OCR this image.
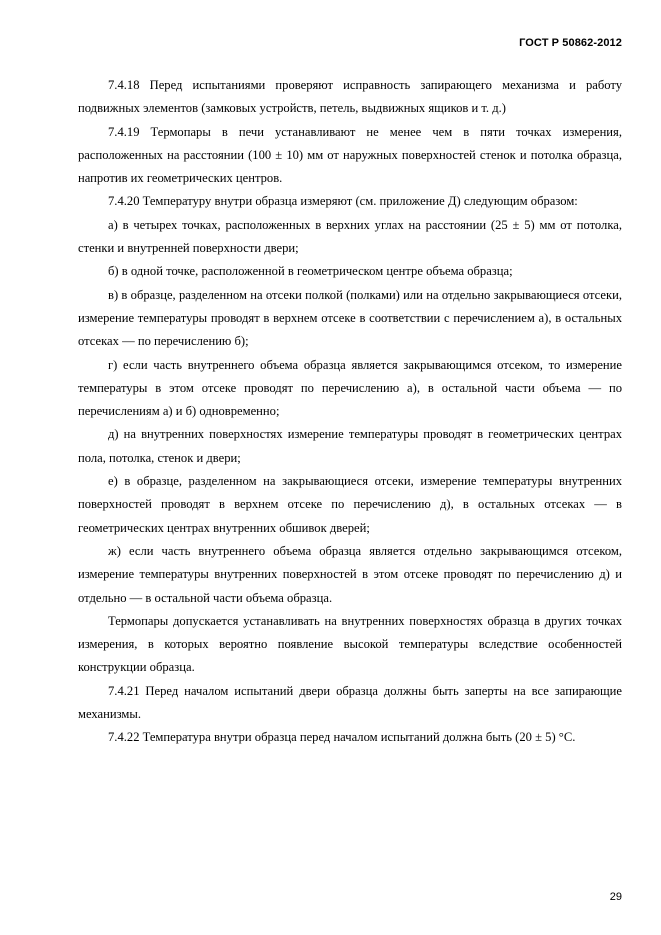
ГОСТ Р 50862-2012

7.4.18 Перед испытаниями проверяют исправность запирающего механизма и работу подвижных элементов (замковых устройств, петель, выдвижных ящиков и т. д.)

7.4.19 Термопары в печи устанавливают не менее чем в пяти точках измерения, расположенных на расстоянии (100 ± 10) мм от наружных поверхностей стенок и потолка образца, напротив их геометрических центров.

7.4.20 Температуру внутри образца измеряют (см. приложение Д) следующим образом:

а) в четырех точках, расположенных в верхних углах на расстоянии (25 ± 5) мм от потолка, стенки и внутренней поверхности двери;

б) в одной точке, расположенной в геометрическом центре объема образца;

в) в образце, разделенном на отсеки полкой (полками) или на отдельно закрывающиеся отсеки, измерение температуры проводят в верхнем отсеке в соответствии с перечислением а), в остальных отсеках — по перечислению б);

г) если часть внутреннего объема образца является закрывающимся отсеком, то измерение температуры в этом отсеке проводят по перечислению а), в остальной части объема — по перечислениям а) и б) одновременно;

д) на внутренних поверхностях измерение температуры проводят в геометрических центрах пола, потолка, стенок и двери;

е) в образце, разделенном на закрывающиеся отсеки, измерение температуры внутренних поверхностей проводят в верхнем отсеке по перечислению д), в остальных отсеках — в геометрических центрах внутренних обшивок дверей;

ж) если часть внутреннего объема образца является отдельно закрывающимся отсеком, измерение температуры внутренних поверхностей в этом отсеке проводят по перечислению д) и отдельно — в остальной части объема образца.

Термопары допускается устанавливать на внутренних поверхностях образца в других точках измерения, в которых вероятно появление высокой температуры вследствие особенностей конструкции образца.

7.4.21 Перед началом испытаний двери образца должны быть заперты на все запирающие механизмы.

7.4.22 Температура внутри образца перед началом испытаний должна быть (20 ± 5) °С.

29
